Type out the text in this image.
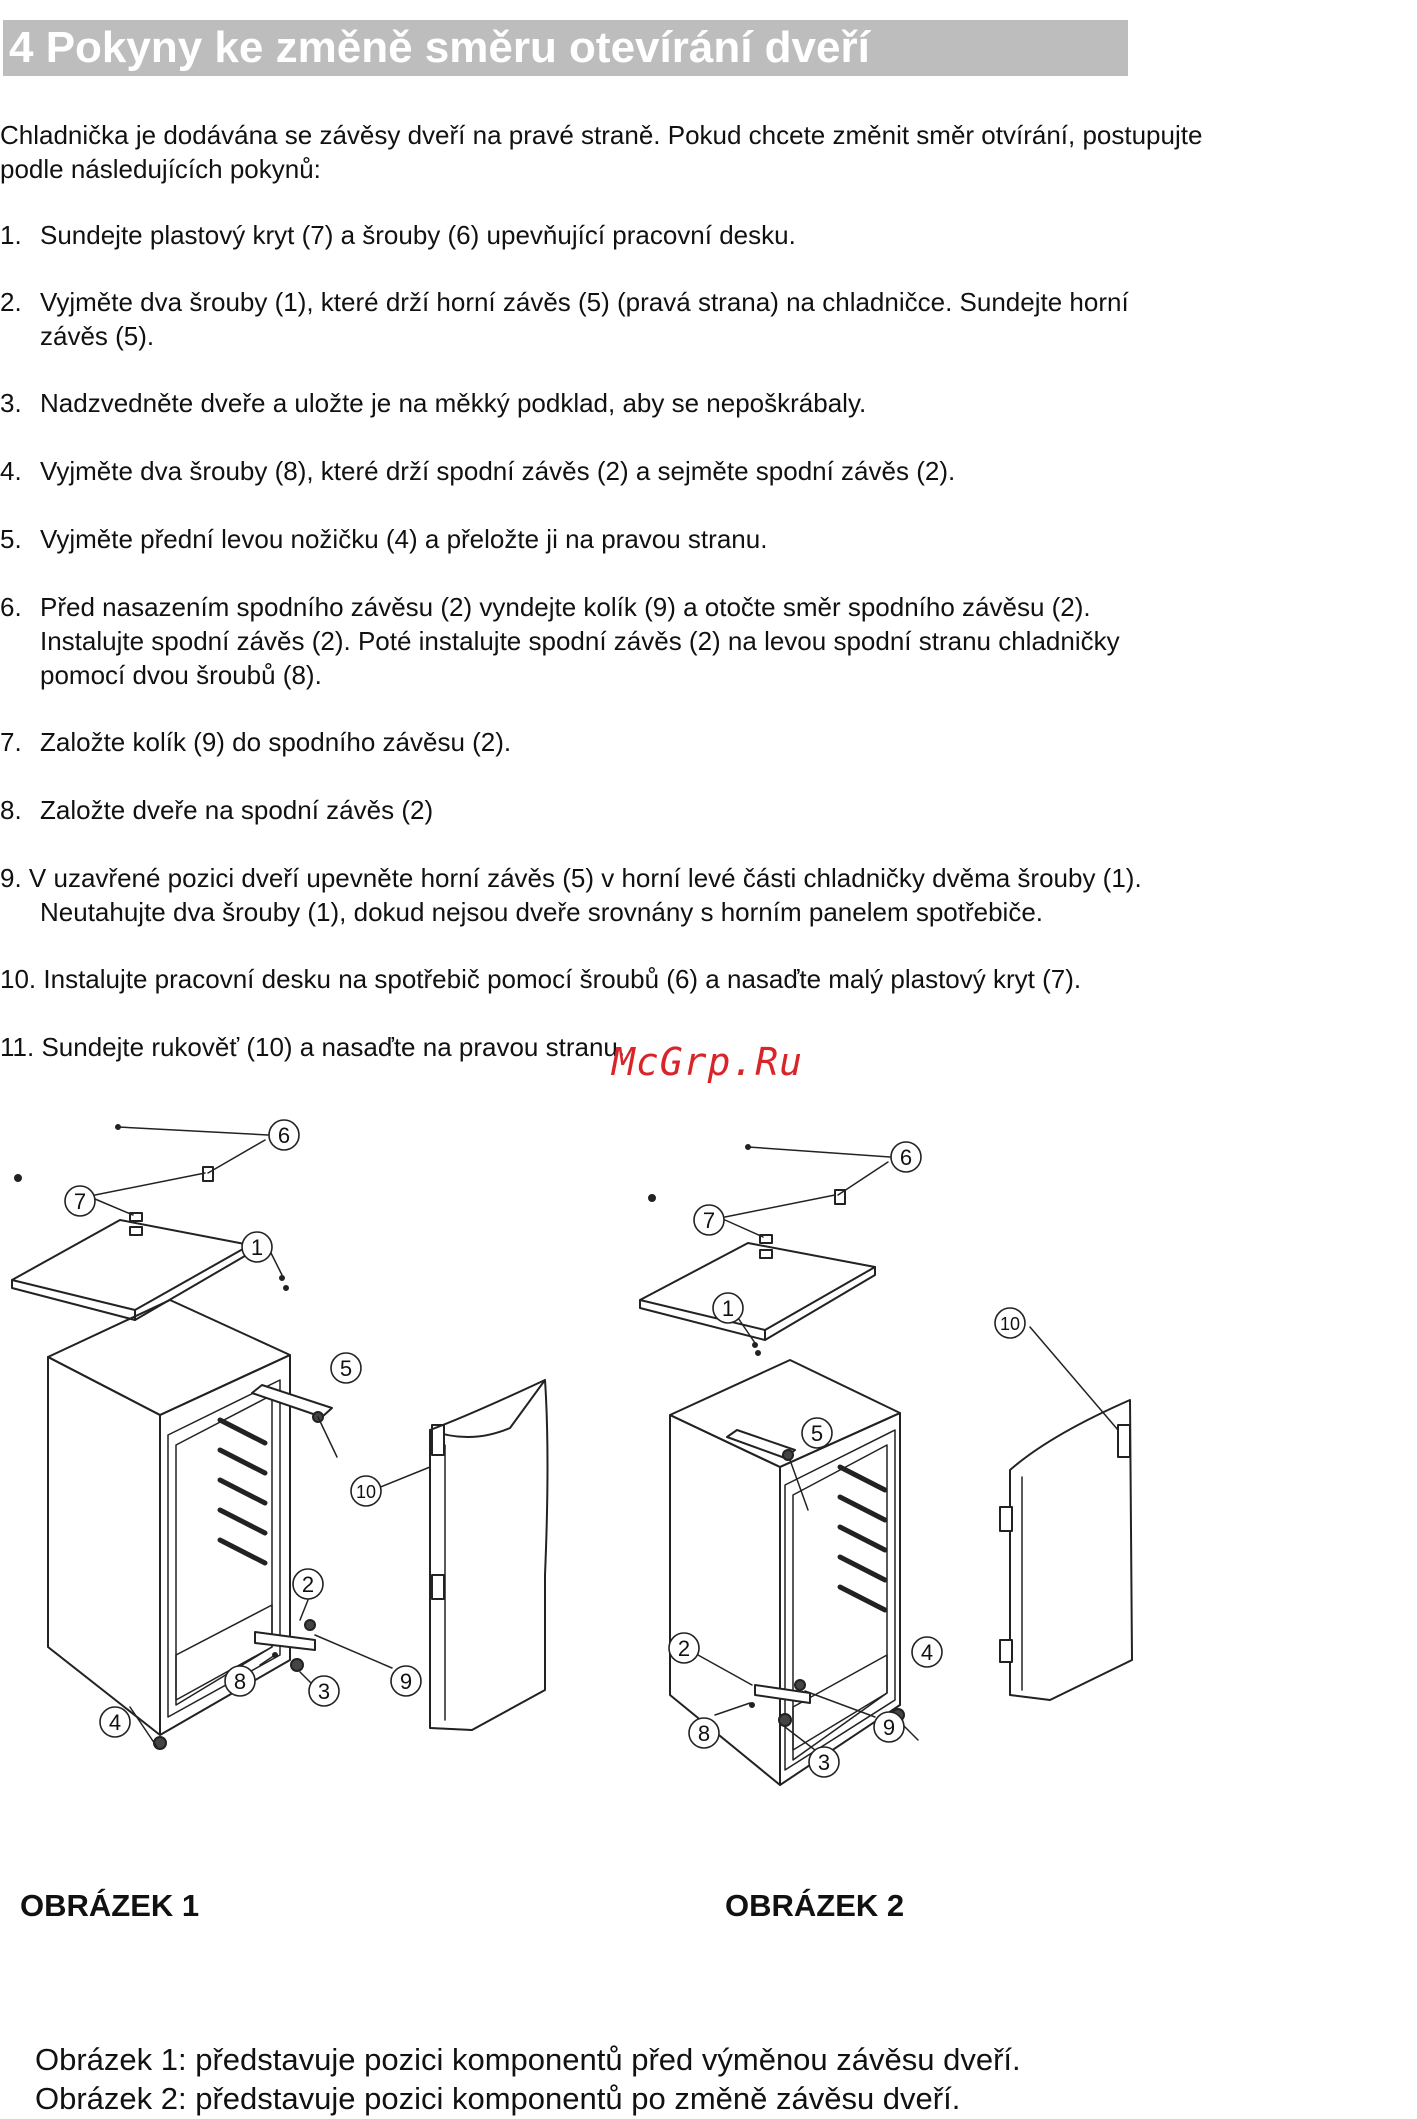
4 Pokyny ke změně směru otevírání dveří
Chladnička je dodávána se závěsy dveří na pravé straně. Pokud chcete změnit směr otvírání, postupujte podle následujících pokynů:
1. Sundejte plastový kryt (7) a šrouby (6) upevňující pracovní desku.
2. Vyjměte dva šrouby (1), které drží horní závěs (5) (pravá strana) na chladničce. Sundejte horní
závěs (5).
3. Nadzvedněte dveře a uložte je na měkký podklad, aby se nepoškrábaly.
4. Vyjměte dva šrouby (8), které drží spodní závěs (2) a sejměte spodní závěs (2).
5. Vyjměte přední levou nožičku (4) a přeložte ji na pravou stranu.
6. Před nasazením spodního závěsu (2) vyndejte kolík (9) a otočte směr spodního závěsu (2).
Instalujte spodní závěs (2). Poté instalujte spodní závěs (2) na levou spodní stranu chladničky
pomocí dvou šroubů (8).
7. Založte kolík (9) do spodního závěsu (2).
8. Založte dveře na spodní závěs (2)
9. V uzavřené pozici dveří upevněte horní závěs (5) v horní levé části chladničky dvěma šrouby (1).
Neutahujte dva šrouby (1), dokud nejsou dveře srovnány s horním panelem spotřebiče.
10. Instalujte pracovní desku na spotřebič pomocí šroubů (6) a nasaďte malý plastový kryt (7).
11. Sundejte rukověť (10) a nasaďte na pravou stranu.
McGrp.Ru
6
7
1
5
10
2
8	3	9
4
6
7
1
10
5
4
2
9
8
3
OBRÁZEK 1	OBRÁZEK 2
Obrázek 1: představuje pozici komponentů před výměnou závěsu dveří.
Obrázek 2: představuje pozici komponentů po změně závěsu dveří.
